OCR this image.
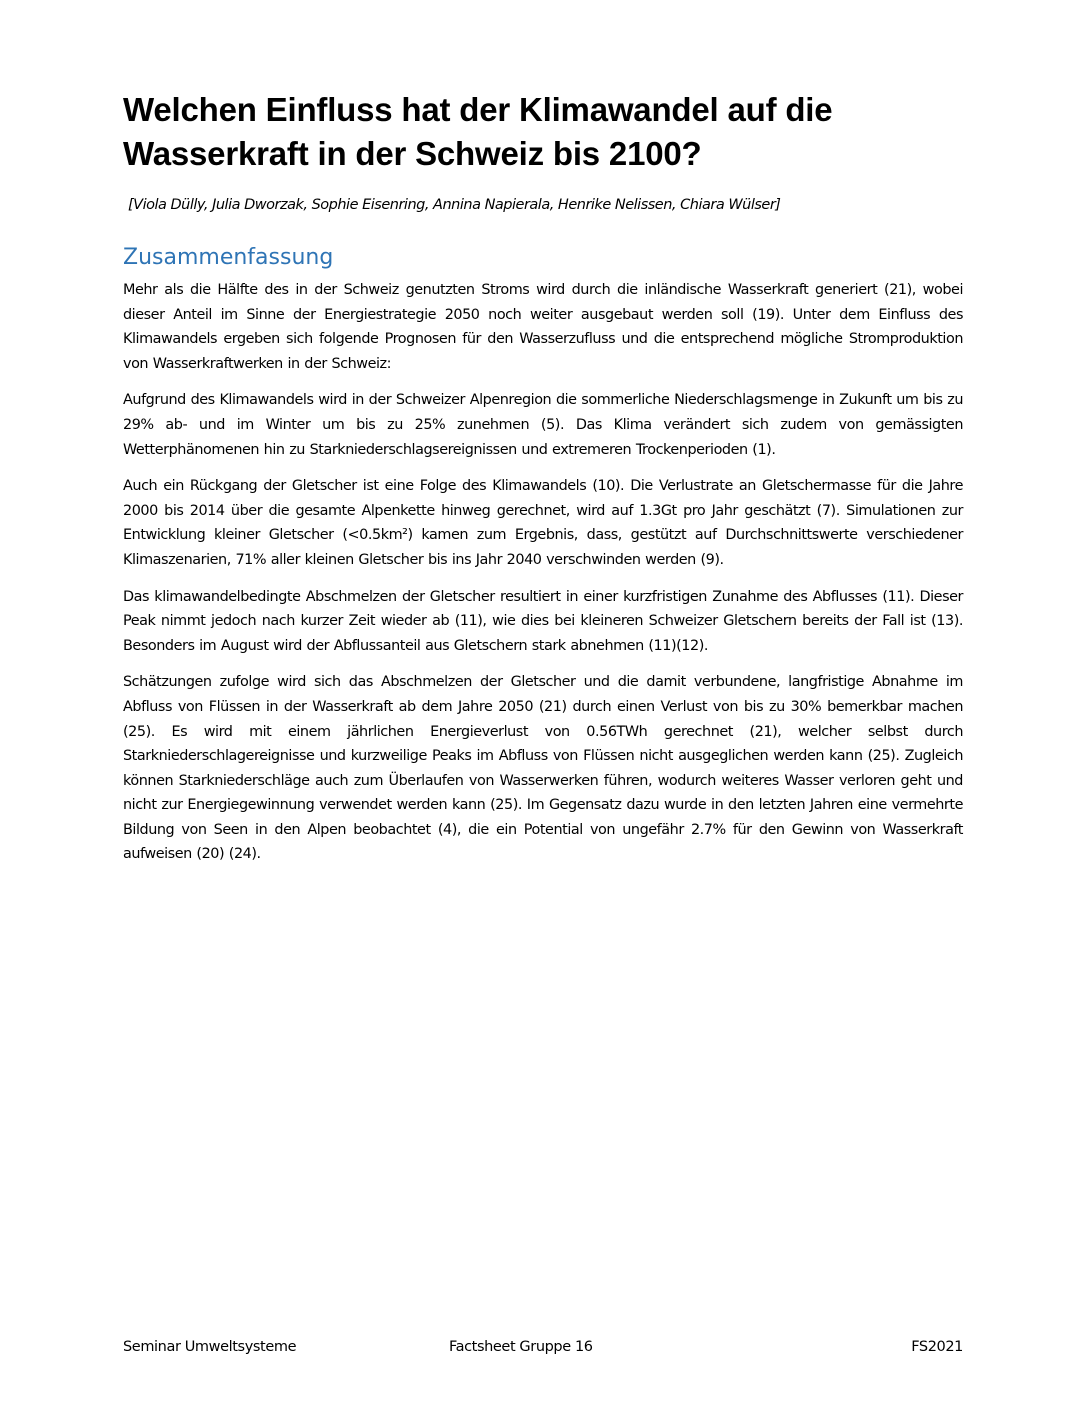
Welchen Einfluss hat der Klimawandel auf die Wasserkraft in der Schweiz bis 2100?

[Viola Dülly, Julia Dworzak, Sophie Eisenring, Annina Napierala, Henrike Nelissen, Chiara Wülser]

Zusammenfassung

Mehr als die Hälfte des in der Schweiz genutzten Stroms wird durch die inländische Wasserkraft generiert (21), wobei dieser Anteil im Sinne der Energiestrategie 2050 noch weiter ausgebaut werden soll (19). Unter dem Einfluss des Klimawandels ergeben sich folgende Prognosen für den Wasserzufluss und die entsprechend mögliche Stromproduktion von Wasserkraftwerken in der Schweiz:

Aufgrund des Klimawandels wird in der Schweizer Alpenregion die sommerliche Niederschlagsmenge in Zukunft um bis zu 29% ab- und im Winter um bis zu 25% zunehmen (5). Das Klima verändert sich zudem von gemässigten Wetterphänomenen hin zu Starkniederschlagsereignissen und extremeren Trockenperioden (1).

Auch ein Rückgang der Gletscher ist eine Folge des Klimawandels (10). Die Verlustrate an Gletschermasse für die Jahre 2000 bis 2014 über die gesamte Alpenkette hinweg gerechnet, wird auf 1.3Gt pro Jahr geschätzt (7). Simulationen zur Entwicklung kleiner Gletscher (<0.5km²) kamen zum Ergebnis, dass, gestützt auf Durchschnittswerte verschiedener Klimaszenarien, 71% aller kleinen Gletscher bis ins Jahr 2040 verschwinden werden (9).

Das klimawandelbedingte Abschmelzen der Gletscher resultiert in einer kurzfristigen Zunahme des Abflusses (11). Dieser Peak nimmt jedoch nach kurzer Zeit wieder ab (11), wie dies bei kleineren Schweizer Gletschern bereits der Fall ist (13). Besonders im August wird der Abflussanteil aus Gletschern stark abnehmen (11)(12).

Schätzungen zufolge wird sich das Abschmelzen der Gletscher und die damit verbundene, langfristige Abnahme im Abfluss von Flüssen in der Wasserkraft ab dem Jahre 2050 (21) durch einen Verlust von bis zu 30% bemerkbar machen (25). Es wird mit einem jährlichen Energieverlust von 0.56TWh gerechnet (21), welcher selbst durch Starkniederschlagereignisse und kurzweilige Peaks im Abfluss von Flüssen nicht ausgeglichen werden kann (25). Zugleich können Starkniederschläge auch zum Überlaufen von Wasserwerken führen, wodurch weiteres Wasser verloren geht und nicht zur Energiegewinnung verwendet werden kann (25). Im Gegensatz dazu wurde in den letzten Jahren eine vermehrte Bildung von Seen in den Alpen beobachtet (4), die ein Potential von ungefähr 2.7% für den Gewinn von Wasserkraft aufweisen (20) (24).

Seminar Umweltsysteme	Factsheet Gruppe 16	FS2021
